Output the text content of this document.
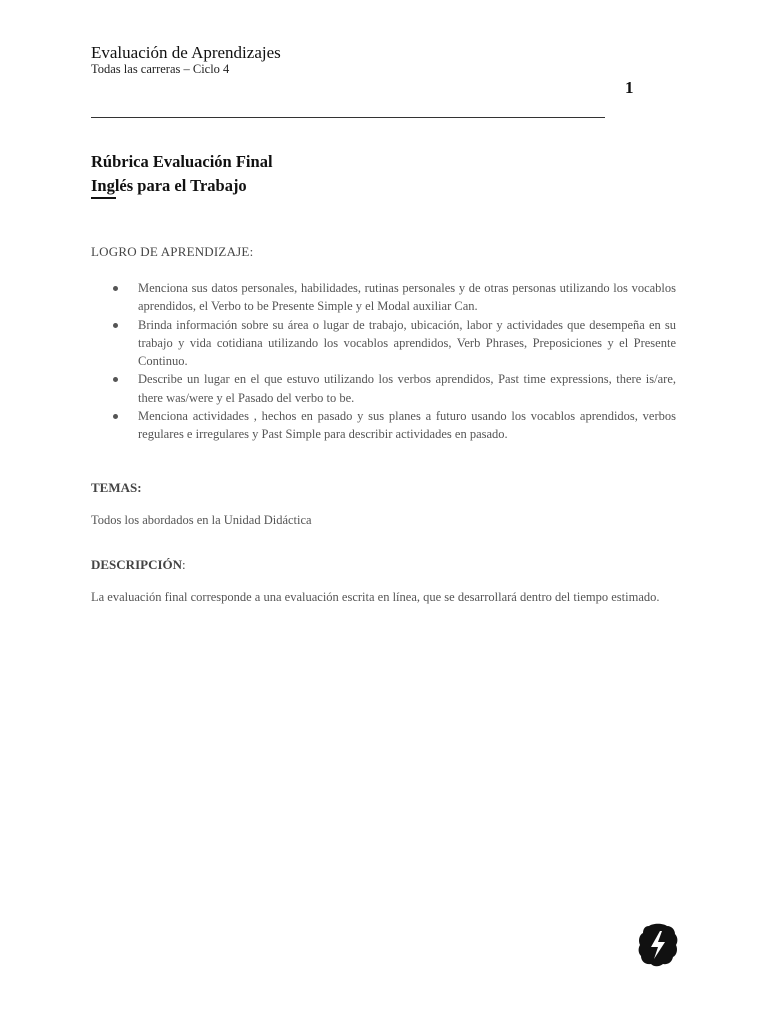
Evaluación de Aprendizajes
Todas las carreras – Ciclo 4
1
Rúbrica Evaluación Final
Inglés para el Trabajo
LOGRO DE APRENDIZAJE:
Menciona sus datos personales, habilidades, rutinas personales y de otras personas utilizando los vocablos aprendidos, el Verbo to be Presente Simple y el Modal auxiliar Can.
Brinda información sobre su área o lugar de trabajo, ubicación, labor y actividades que desempeña en su trabajo y vida cotidiana utilizando los vocablos aprendidos, Verb Phrases, Preposiciones y el Presente Continuo.
Describe un lugar en el que estuvo utilizando los verbos aprendidos, Past time expressions, there is/are, there was/were y el Pasado del verbo to be.
Menciona actividades , hechos en pasado y sus planes a futuro usando los vocablos aprendidos, verbos regulares e irregulares y Past Simple para describir actividades en pasado.
TEMAS:
Todos los abordados en la Unidad Didáctica
DESCRIPCIÓN:
La evaluación final corresponde a una evaluación escrita en línea, que se desarrollará dentro del tiempo estimado.
